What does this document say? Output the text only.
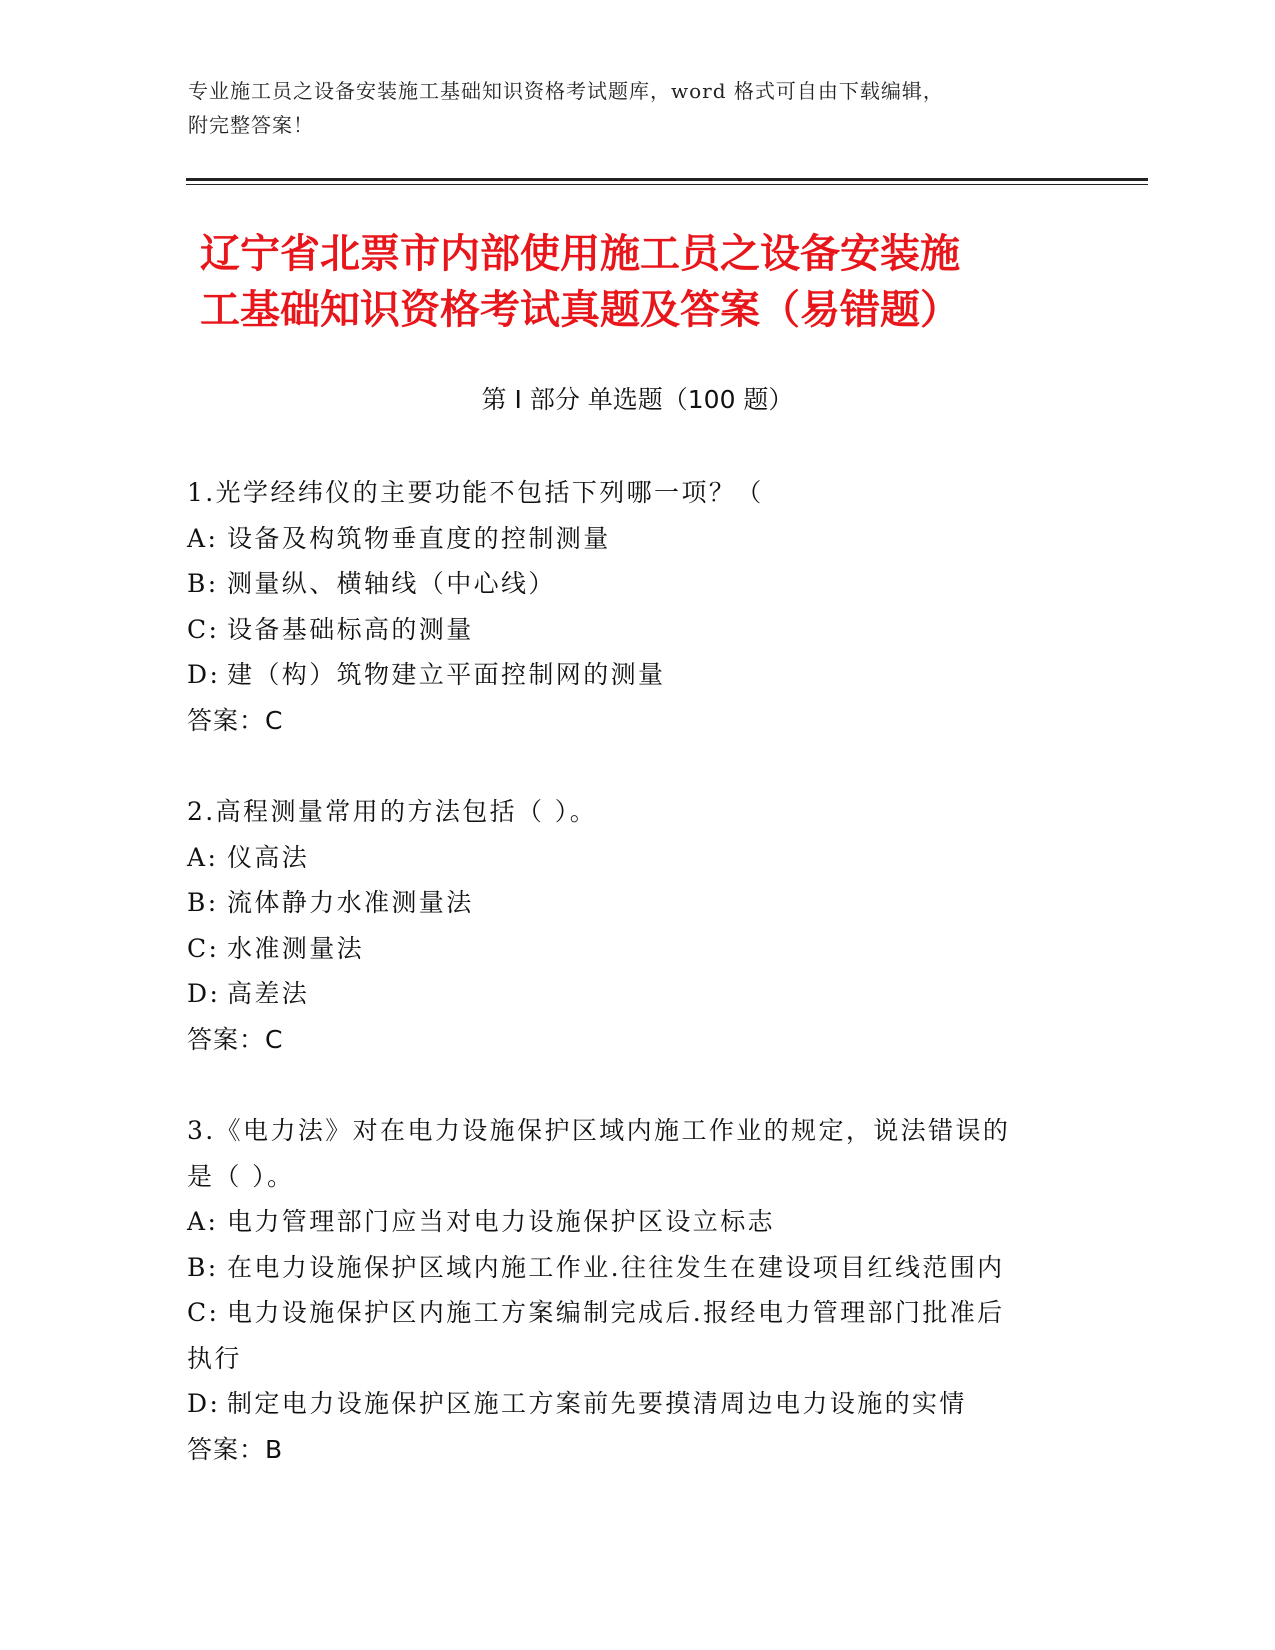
专业施工员之设备安装施工基础知识资格考试题库，word 格式可自由下载编辑，
附完整答案！
辽宁省北票市内部使用施工员之设备安装施
工基础知识资格考试真题及答案（易错题）
第 I 部分 单选题（100 题）
1.光学经纬仪的主要功能不包括下列哪一项？（
A: 设备及构筑物垂直度的控制测量
B: 测量纵、横轴线（中心线）
C: 设备基础标高的测量
D: 建（构）筑物建立平面控制网的测量
答案：C
2.高程测量常用的方法包括（ ）。
A: 仪高法
B: 流体静力水准测量法
C: 水准测量法
D: 高差法
答案：C
3.《电力法》对在电力设施保护区域内施工作业的规定，说法错误的
是（ ）。
A: 电力管理部门应当对电力设施保护区设立标志
B: 在电力设施保护区域内施工作业.往往发生在建设项目红线范围内
C: 电力设施保护区内施工方案编制完成后.报经电力管理部门批准后
执行
D: 制定电力设施保护区施工方案前先要摸清周边电力设施的实情
答案：B
